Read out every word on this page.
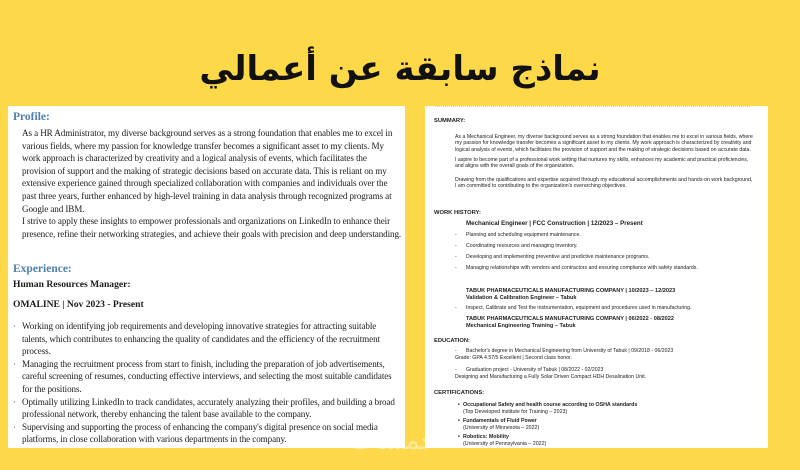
نماذج سابقة عن أعمالي
Profile:

As a HR Administrator, my diverse background serves as a strong foundation that enables me to excel in various fields, where my passion for knowledge transfer becomes a significant asset to my clients. My work approach is characterized by creativity and a logical analysis of events, which facilitates the provision of support and the making of strategic decisions based on accurate data. This is reliant on my extensive experience gained through specialized collaboration with companies and individuals over the past three years, further enhanced by high-level training in data analysis through recognized programs at Google and IBM.

I strive to apply these insights to empower professionals and organizations on LinkedIn to enhance their presence, refine their networking strategies, and achieve their goals with precision and deep understanding.

Experience:
Human Resources Manager:
OMALINE | Nov 2023 - Present
· Working on identifying job requirements and developing innovative strategies for attracting suitable talents, which contributes to enhancing the quality of candidates and the efficiency of the recruitment process.
· Managing the recruitment process from start to finish, including the preparation of job advertisements, careful screening of resumes, conducting effective interviews, and selecting the most suitable candidates for the positions.
· Optimally utilizing LinkedIn to track candidates, accurately analyzing their profiles, and building a broad professional network, thereby enhancing the talent base available to the company.
· Supervising and supporting the process of enhancing the company's digital presence on social media platforms, in close collaboration with various departments in the company.
SUMMARY:

As a Mechanical Engineer, my diverse background serves as a strong foundation that enables me to excel in various fields, where my passion for knowledge transfer becomes a significant asset to my clients. My work approach is characterized by creativity and logical analysis of events, which facilitates the provision of support and the making of strategic decisions based on accurate data.

I aspire to become part of a professional work setting that nurtures my skills, enhances my academic and practical proficiencies, and aligns with the overall goals of the organization.

Drawing from the qualifications and expertise acquired through my educational accomplishments and hands-on work background, I am committed to contributing to the organization's overarching objectives.

WORK HISTORY:
Mechanical Engineer | FCC Construction | 12/2023 – Present
- Planning and scheduling equipment maintenance.
- Coordinating resources and managing inventory.
- Developing and implementing preventive and predictive maintenance programs.
- Managing relationships with vendors and contractors and ensuring compliance with safety standards.
TABUK PHARMACEUTICALS MANUFACTURING COMPANY | 10/2023 – 12/2023
Validation & Calibration Engineer – Tabuk
- Inspect, Calibrate and Test the instrumentation, equipment and procedures used in manufacturing.
TABUK PHARMACEUTICALS MANUFACTURING COMPANY | 06/2022 - 08/2022
Mechanical Engineering Training – Tabuk
EDUCATION:
- Bachelor's degree in Mechanical Engineering from University of Tabuk | 09/2018 - 06/2023
Grade: GPA 4.57/5 Excellent | Second class honor.
- Graduation project - University of Tabuk | 08/2022 - 02/2023
Designing and Manufacturing a Fully Solar Driven Compact HDH Desalination Unit.
CERTIFICATIONS:
• Occupational Safety and health course according to OSHA standards
(Top Developed institute for Training – 2023)
• Fundamentals of Fluid Power
(University of Minnesota – 2022)
• Robotics: Mobility
(University of Pennsylvania – 2022)
خمسات
